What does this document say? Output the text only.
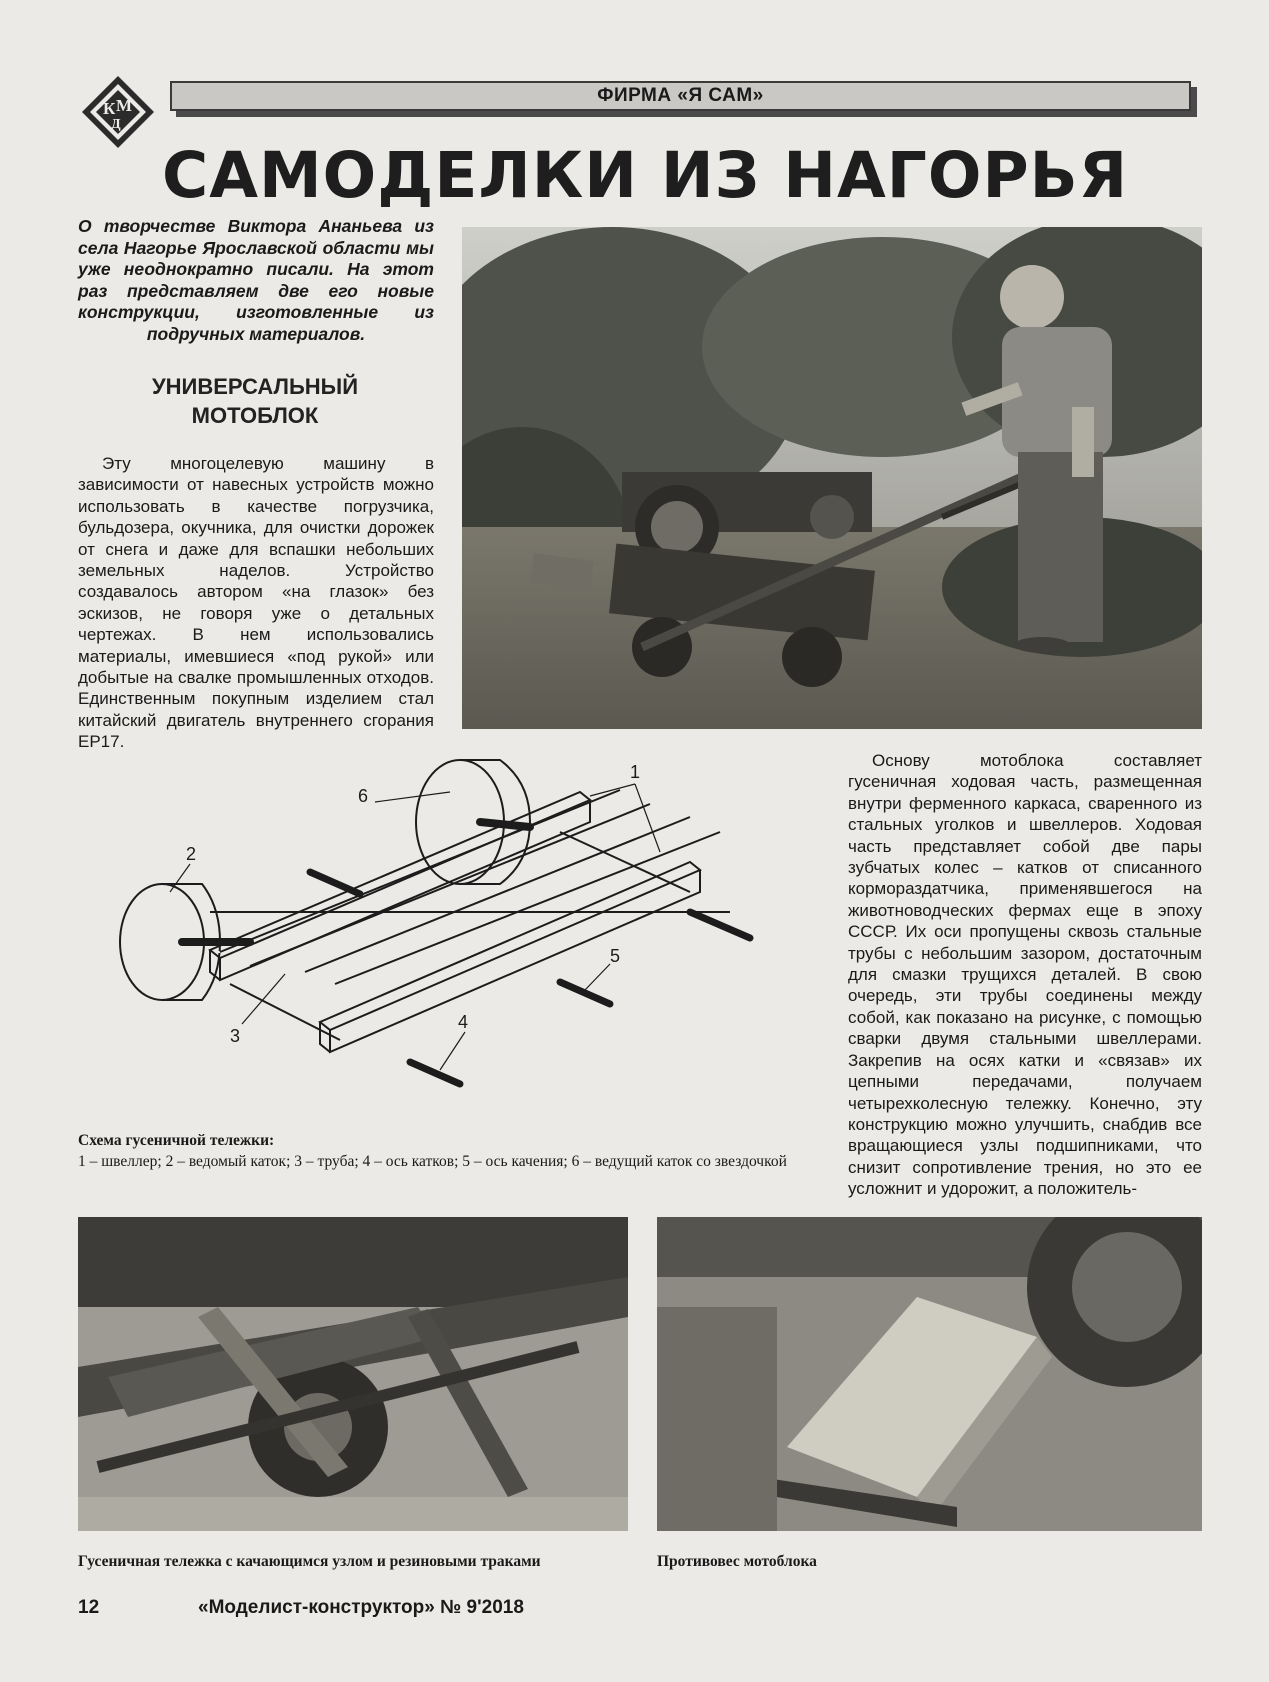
К М
Д
ФИРМА «Я САМ»
САМОДЕЛКИ ИЗ НАГОРЬЯ
О творчестве Виктора Ананьева из села Нагорье Ярославской области мы уже неоднократно писали. На этот раз представляем две его новые конструкции, изготовленные из подручных материалов.
УНИВЕРСАЛЬНЫЙ
МОТОБЛОК

Эту многоцелевую машину в зависимости от навесных устройств можно использовать в качестве погрузчика, бульдозера, окучника, для очистки дорожек от снега и даже для вспашки небольших земельных наделов. Устройство создавалось автором «на глазок» без эскизов, не говоря уже о детальных чертежах. В нем использовались материалы, имевшиеся «под рукой» или добытые на свалке промышленных отходов. Единственным покупным изделием стал китайский двигатель внутреннего сгорания EP17.

1
2
3
4
5
6

Основу мотоблока составляет гусеничная ходовая часть, размещенная внутри ферменного каркаса, сваренного из стальных уголков и швеллеров. Ходовая часть представляет собой две пары зубчатых колес – катков от списанного кормораздатчика, применявшегося на животноводческих фермах еще в эпоху СССР. Их оси пропущены сквозь стальные трубы с небольшим зазором, достаточным для смазки трущихся деталей. В свою очередь, эти трубы соединены между собой, как показано на рисунке, с помощью сварки двумя стальными швеллерами. Закрепив на осях катки и «связав» их цепными передачами, получаем четырехколесную тележку. Конечно, эту конструкцию можно улучшить, снабдив все вращающиеся узлы подшипниками, что снизит сопротивление трения, но это ее усложнит и удорожит, а положитель-

Схема гусеничной тележки:
1 – швеллер; 2 – ведомый каток; 3 – труба; 4 – ось катков; 5 – ось качения; 6 – ведущий каток со звездочкой
Гусеничная тележка с качающимся узлом и резиновыми траками	Противовес мотоблока
12	«Моделист-конструктор» № 9'2018
